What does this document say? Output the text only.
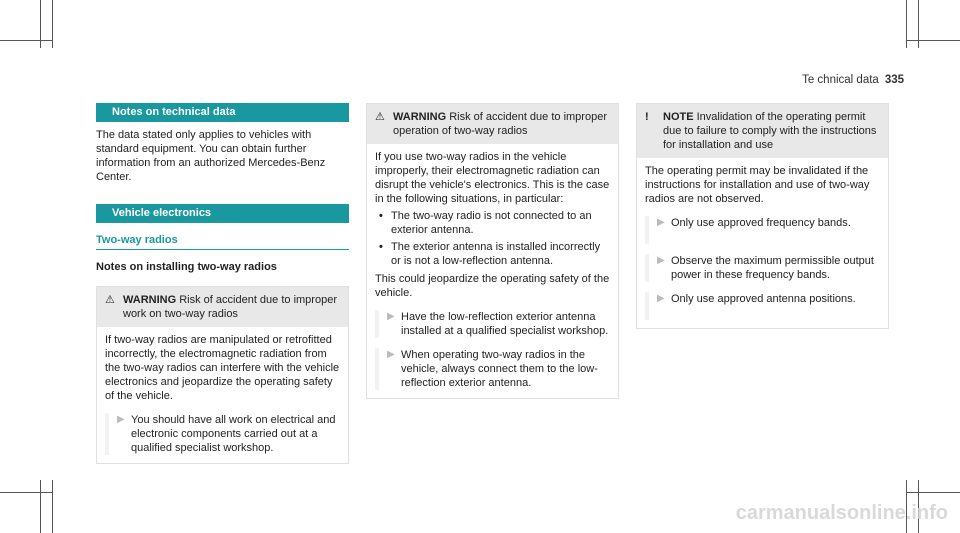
Te chnical data 335
Notes on technical data

The data stated only applies to vehicles with standard equipment. You can obtain further information from an authorized Mercedes-Benz Center.

Vehicle electronics
Two-way radios
Notes on installing two-way radios
⚠ WARNING Risk of accident due to improper work on two-way radios
If two-way radios are manipulated or retrofitted incorrectly, the electromagnetic radiation from the two-way radios can interfere with the vehicle electronics and jeopardize the operating safety of the vehicle.
▶ You should have all work on electrical and electronic components carried out at a qualified specialist workshop.
⚠ WARNING Risk of accident due to improper operation of two-way radios
If you use two-way radios in the vehicle improperly, their electromagnetic radiation can disrupt the vehicle's electronics. This is the case in the following situations, in particular:
• The two-way radio is not connected to an exterior antenna.
• The exterior antenna is installed incorrectly or is not a low-reflection antenna.
This could jeopardize the operating safety of the vehicle.
▶ Have the low-reflection exterior antenna installed at a qualified specialist workshop.
▶ When operating two-way radios in the vehicle, always connect them to the low-reflection exterior antenna.
!	NOTE Invalidation of the operating permit due to failure to comply with the instructions for installation and use
The operating permit may be invalidated if the instructions for installation and use of two-way radios are not observed.
▶ Only use approved frequency bands.
▶ Observe the maximum permissible output power in these frequency bands.
▶ Only use approved antenna positions.
carmanualsonline.info
